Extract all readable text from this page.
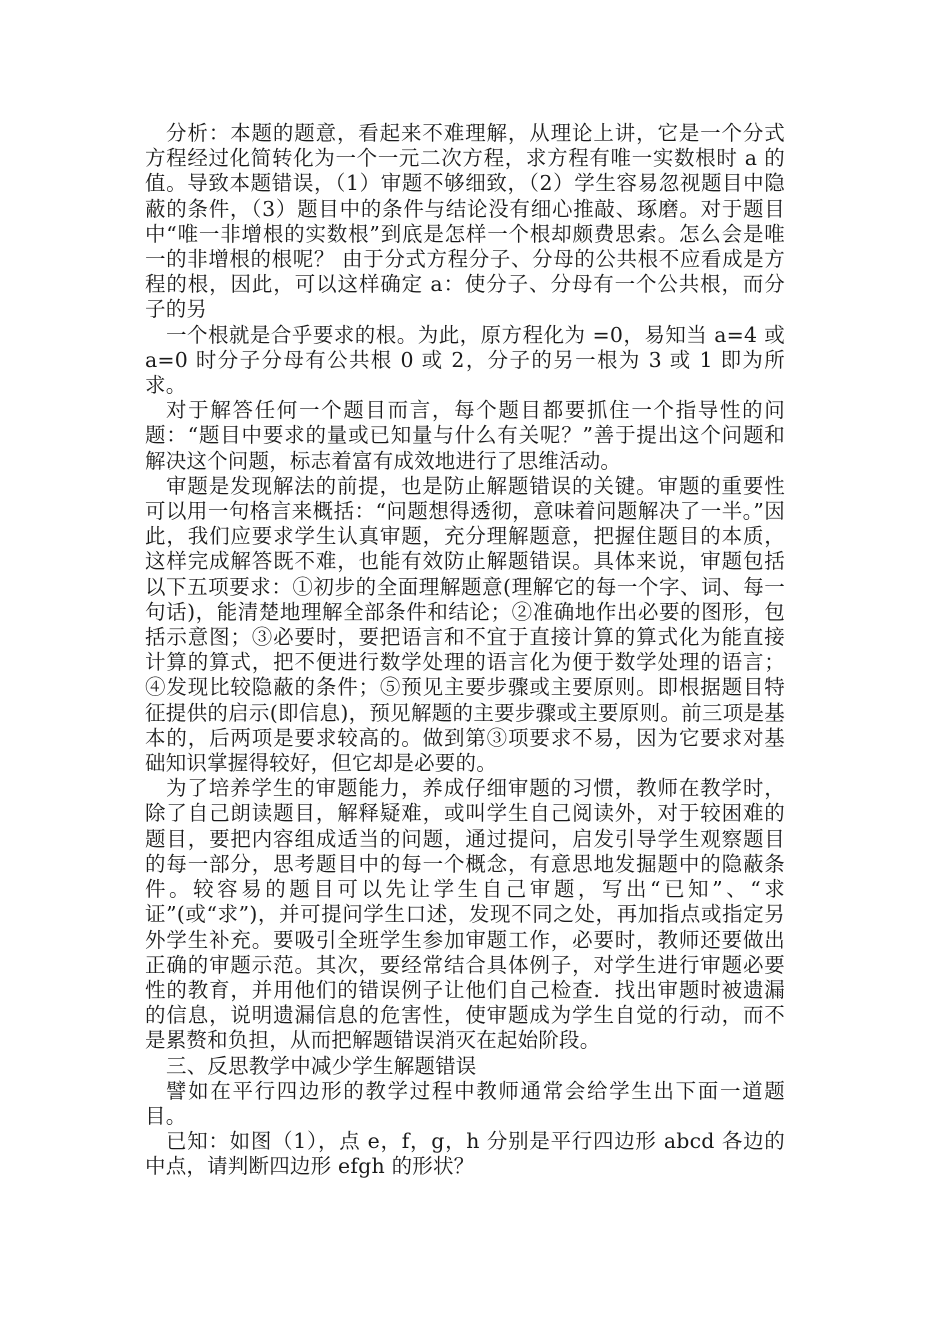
分析：本题的题意，看起来不难理解，从理论上讲，它是一个分式方程经过化简转化为一个一元二次方程，求方程有唯一实数根时 a 的值。导致本题错误，（1）审题不够细致，（2）学生容易忽视题目中隐蔽的条件，（3）题目中的条件与结论没有细心推敲、琢磨。对于题目中“唯一非增根的实数根”到底是怎样一个根却颇费思索。怎么会是唯一的非增根的根呢？ 由于分式方程分子、分母的公共根不应看成是方程的根，因此，可以这样确定 a：使分子、分母有一个公共根，而分子的另

一个根就是合乎要求的根。为此，原方程化为 =0，易知当 a=4 或 a=0 时分子分母有公共根 0 或 2，分子的另一根为 3 或 1 即为所求。

对于解答任何一个题目而言，每个题目都要抓住一个指导性的问题：“题目中要求的量或已知量与什么有关呢？”善于提出这个问题和解决这个问题，标志着富有成效地进行了思维活动。

审题是发现解法的前提，也是防止解题错误的关键。审题的重要性可以用一句格言来概括：“问题想得透彻，意味着问题解决了一半。”因此，我们应要求学生认真审题，充分理解题意，把握住题目的本质，这样完成解答既不难，也能有效防止解题错误。具体来说，审题包括以下五项要求：①初步的全面理解题意(理解它的每一个字、词、每一句话)，能清楚地理解全部条件和结论；②准确地作出必要的图形，包括示意图；③必要时，要把语言和不宜于直接计算的算式化为能直接计算的算式，把不便进行数学处理的语言化为便于数学处理的语言；④发现比较隐蔽的条件；⑤预见主要步骤或主要原则。即根据题目特征提供的启示(即信息)，预见解题的主要步骤或主要原则。前三项是基本的，后两项是要求较高的。做到第③项要求不易，因为它要求对基础知识掌握得较好，但它却是必要的。

为了培养学生的审题能力，养成仔细审题的习惯，教师在教学时，除了自己朗读题目，解释疑难，或叫学生自己阅读外，对于较困难的题目，要把内容组成适当的问题，通过提问，启发引导学生观察题目的每一部分，思考题目中的每一个概念，有意思地发掘题中的隐蔽条件。较容易的题目可以先让学生自己审题，写出“已知”、“求证”(或“求”)，并可提问学生口述，发现不同之处，再加指点或指定另外学生补充。要吸引全班学生参加审题工作，必要时，教师还要做出正确的审题示范。其次，要经常结合具体例子，对学生进行审题必要性的教育，并用他们的错误例子让他们自己检查．找出审题时被遗漏的信息，说明遗漏信息的危害性，使审题成为学生自觉的行动，而不是累赘和负担，从而把解题错误消灭在起始阶段。

三、反思教学中减少学生解题错误

譬如在平行四边形的教学过程中教师通常会给学生出下面一道题目。

已知：如图（1），点 e，f，g，h 分别是平行四边形 abcd 各边的中点，请判断四边形 efgh 的形状？
